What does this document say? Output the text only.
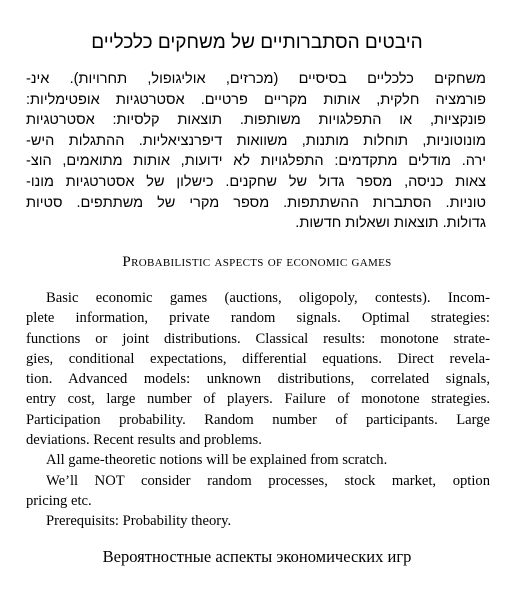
היבטים הסתברותיים של משחקים כלכליים
משחקים כלכליים בסיסיים (מכרזים, אוליגופול, תחרויות). אינ-
פורמציה חלקית, אותות מקריים פרטיים. אסטרטגיות אופטימליות:
פונקציות, או התפלגויות משותפות. תוצאות קלסיות: אסטרטגיות
מונוטוניות, תוחלות מותנות, משוואות דיפרנציאליות. ההתגלות היש-
ירה. מודלים מתקדמים: התפלגויות לא ידועות, אותות מתואמים, הוצ-
צאות כניסה, מספר גדול של שחקנים. כישלון של אסטרטגיות מונו-
טוניות. הסתברות ההשתתפות. מספר מקרי של משתתפים. סטיות
גדולות. תוצאות ושאלות חדשות.
Probabilistic aspects of economic games
Basic economic games (auctions, oligopoly, contests). Incom-
plete information, private random signals. Optimal strategies:
functions or joint distributions. Classical results: monotone strate-
gies, conditional expectations, differential equations. Direct revela-
tion. Advanced models: unknown distributions, correlated signals,
entry cost, large number of players. Failure of monotone strategies.
Participation probability. Random number of participants. Large
deviations. Recent results and problems.
All game-theoretic notions will be explained from scratch.
We’ll NOT consider random processes, stock market, option
pricing etc.
Prerequisits: Probability theory.
Вероятностные аспекты экономических игр
